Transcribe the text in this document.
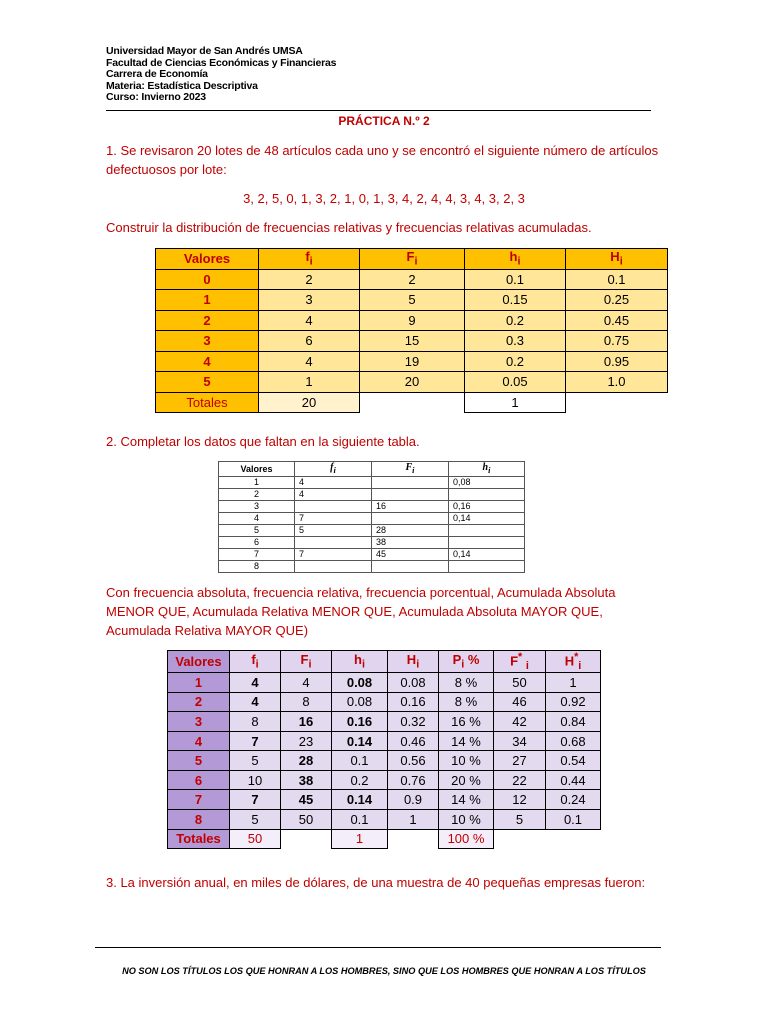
Universidad Mayor de San Andrés UMSA
Facultad de Ciencias Económicas y Financieras
Carrera de Economía
Materia: Estadística Descriptiva
Curso: Invierno 2023
PRÁCTICA N.º 2
1. Se revisaron 20 lotes de 48 artículos cada uno y se encontró el siguiente número de artículos defectuosos por lote:
3, 2, 5, 0, 1, 3, 2, 1, 0, 1, 3, 4, 2, 4, 4, 3, 4, 3, 2, 3
Construir la distribución de frecuencias relativas y frecuencias relativas acumuladas.
Valores	$f_i$	$F_i$	$h_i$	$H_i$
0	2	2	0.1	0.1
1	3	5	0.15	0.25
2	4	9	0.2	0.45
3	6	15	0.3	0.75
4	4	19	0.2	0.95
5	1	20	0.05	1.0
Totales	20		1	
2. Completar los datos que faltan en la siguiente tabla.
Valores	$f_i$	$F_i$	$h_i$
1	4		0,08
2	4		
3		16	0,16
4	7		0,14
5	5	28	
6		38	
7	7	45	0,14
8			
Con frecuencia absoluta, frecuencia relativa, frecuencia porcentual, Acumulada Absoluta MENOR QUE, Acumulada Relativa MENOR QUE, Acumulada Absoluta MAYOR QUE, Acumulada Relativa MAYOR QUE)
Valores	$f_i$	$F_i$	$h_i$	$H_i$	$P_i$ %	F* $_i$	$H^*_i$
1	4	4	0.08	0.08	8 %	50	1
2	4	8	0.08	0.16	8 %	46	0.92
3	8	16	0.16	0.32	16 %	42	0.84
4	7	23	0.14	0.46	14 %	34	0.68
5	5	28	0.1	0.56	10 %	27	0.54
6	10	38	0.2	0.76	20 %	22	0.44
7	7	45	0.14	0.9	14 %	12	0.24
8	5	50	0.1	1	10 %	5	0.1
Totales	50		1		100 %		
3. La inversión anual, en miles de dólares, de una muestra de 40 pequeñas empresas fueron:
NO SON LOS TÍTULOS LOS QUE HONRAN A LOS HOMBRES, SINO QUE LOS HOMBRES QUE HONRAN A LOS TÍTULOS
